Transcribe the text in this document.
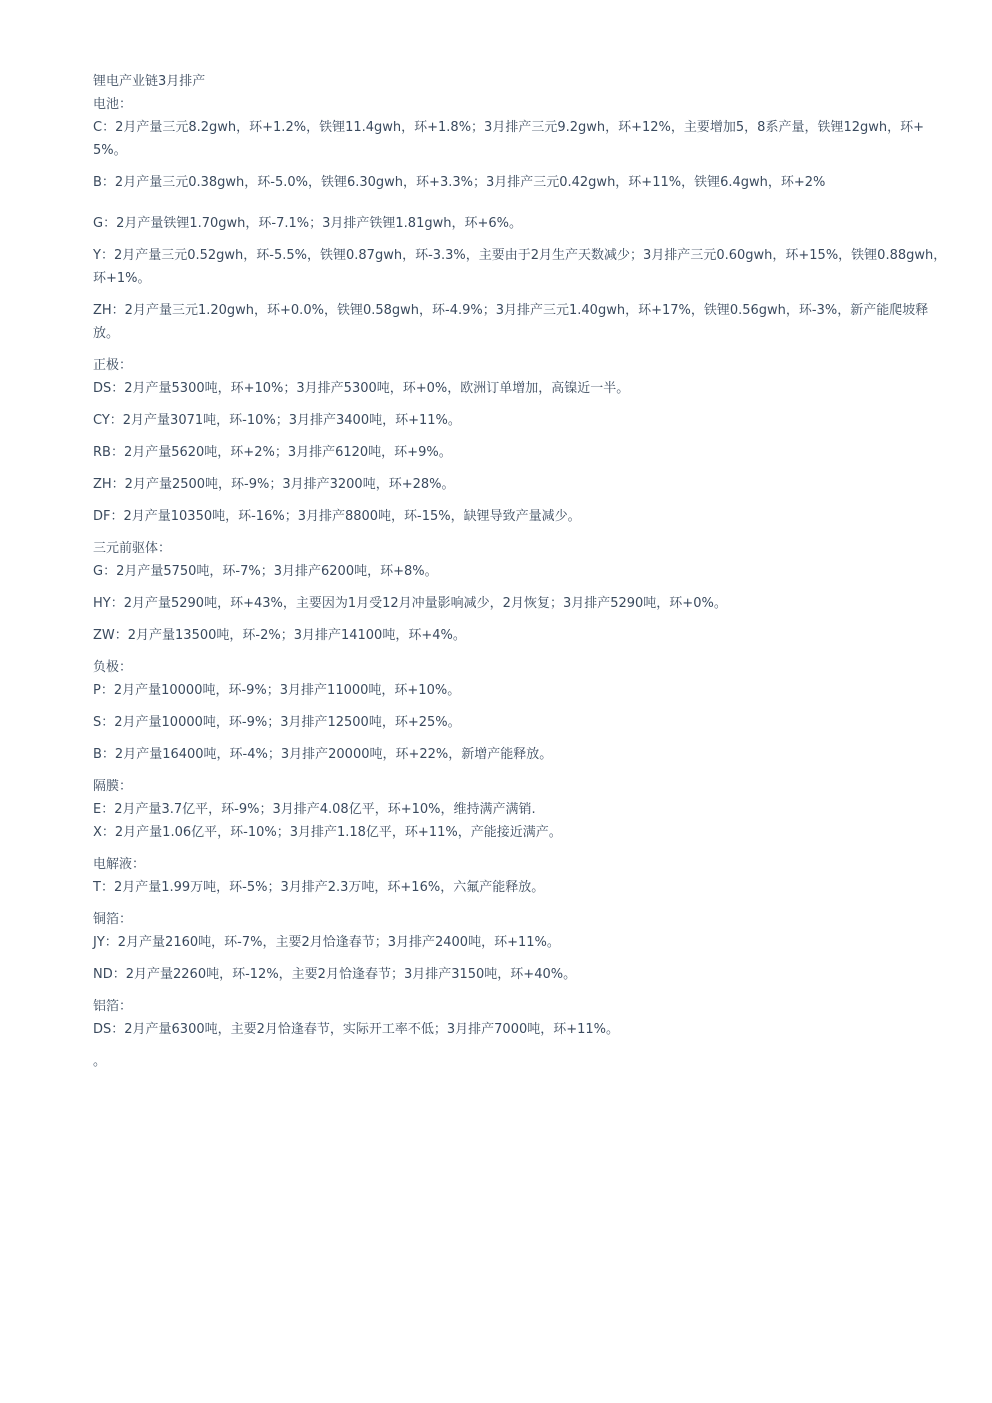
锂电产业链3月排产
电池：
C：2月产量三元8.2gwh，环+1.2%，铁锂11.4gwh，环+1.8%；3月排产三元9.2gwh，环+12%，主要增加5，8系产量，铁锂12gwh，环+5%。
B：2月产量三元0.38gwh，环-5.0%，铁锂6.30gwh，环+3.3%；3月排产三元0.42gwh，环+11%，铁锂6.4gwh，环+2%
G：2月产量铁锂1.70gwh，环-7.1%；3月排产铁锂1.81gwh，环+6%。
Y：2月产量三元0.52gwh，环-5.5%，铁锂0.87gwh，环-3.3%，主要由于2月生产天数减少；3月排产三元0.60gwh，环+15%，铁锂0.88gwh，环+1%。
ZH：2月产量三元1.20gwh，环+0.0%，铁锂0.58gwh，环-4.9%；3月排产三元1.40gwh，环+17%，铁锂0.56gwh，环-3%，新产能爬坡释放。
正极：
DS：2月产量5300吨，环+10%；3月排产5300吨，环+0%，欧洲订单增加，高镍近一半。
CY：2月产量3071吨，环-10%；3月排产3400吨，环+11%。
RB：2月产量5620吨，环+2%；3月排产6120吨，环+9%。
ZH：2月产量2500吨，环-9%；3月排产3200吨，环+28%。
DF：2月产量10350吨，环-16%；3月排产8800吨，环-15%，缺锂导致产量减少。
三元前驱体：
G：2月产量5750吨，环-7%；3月排产6200吨，环+8%。
HY：2月产量5290吨，环+43%，主要因为1月受12月冲量影响减少，2月恢复；3月排产5290吨，环+0%。
ZW：2月产量13500吨，环-2%；3月排产14100吨，环+4%。
负极：
P：2月产量10000吨，环-9%；3月排产11000吨，环+10%。
S：2月产量10000吨，环-9%；3月排产12500吨，环+25%。
B：2月产量16400吨，环-4%；3月排产20000吨，环+22%，新增产能释放。
隔膜：
E：2月产量3.7亿平，环-9%；3月排产4.08亿平，环+10%，维持满产满销.
X：2月产量1.06亿平，环-10%；3月排产1.18亿平，环+11%，产能接近满产。
电解液：
T：2月产量1.99万吨，环-5%；3月排产2.3万吨，环+16%，六氟产能释放。
铜箔：
JY：2月产量2160吨，环-7%，主要2月恰逢春节；3月排产2400吨，环+11%。
ND：2月产量2260吨，环-12%，主要2月恰逢春节；3月排产3150吨，环+40%。
铝箔：
DS：2月产量6300吨，主要2月恰逢春节，实际开工率不低；3月排产7000吨，环+11%。
。
